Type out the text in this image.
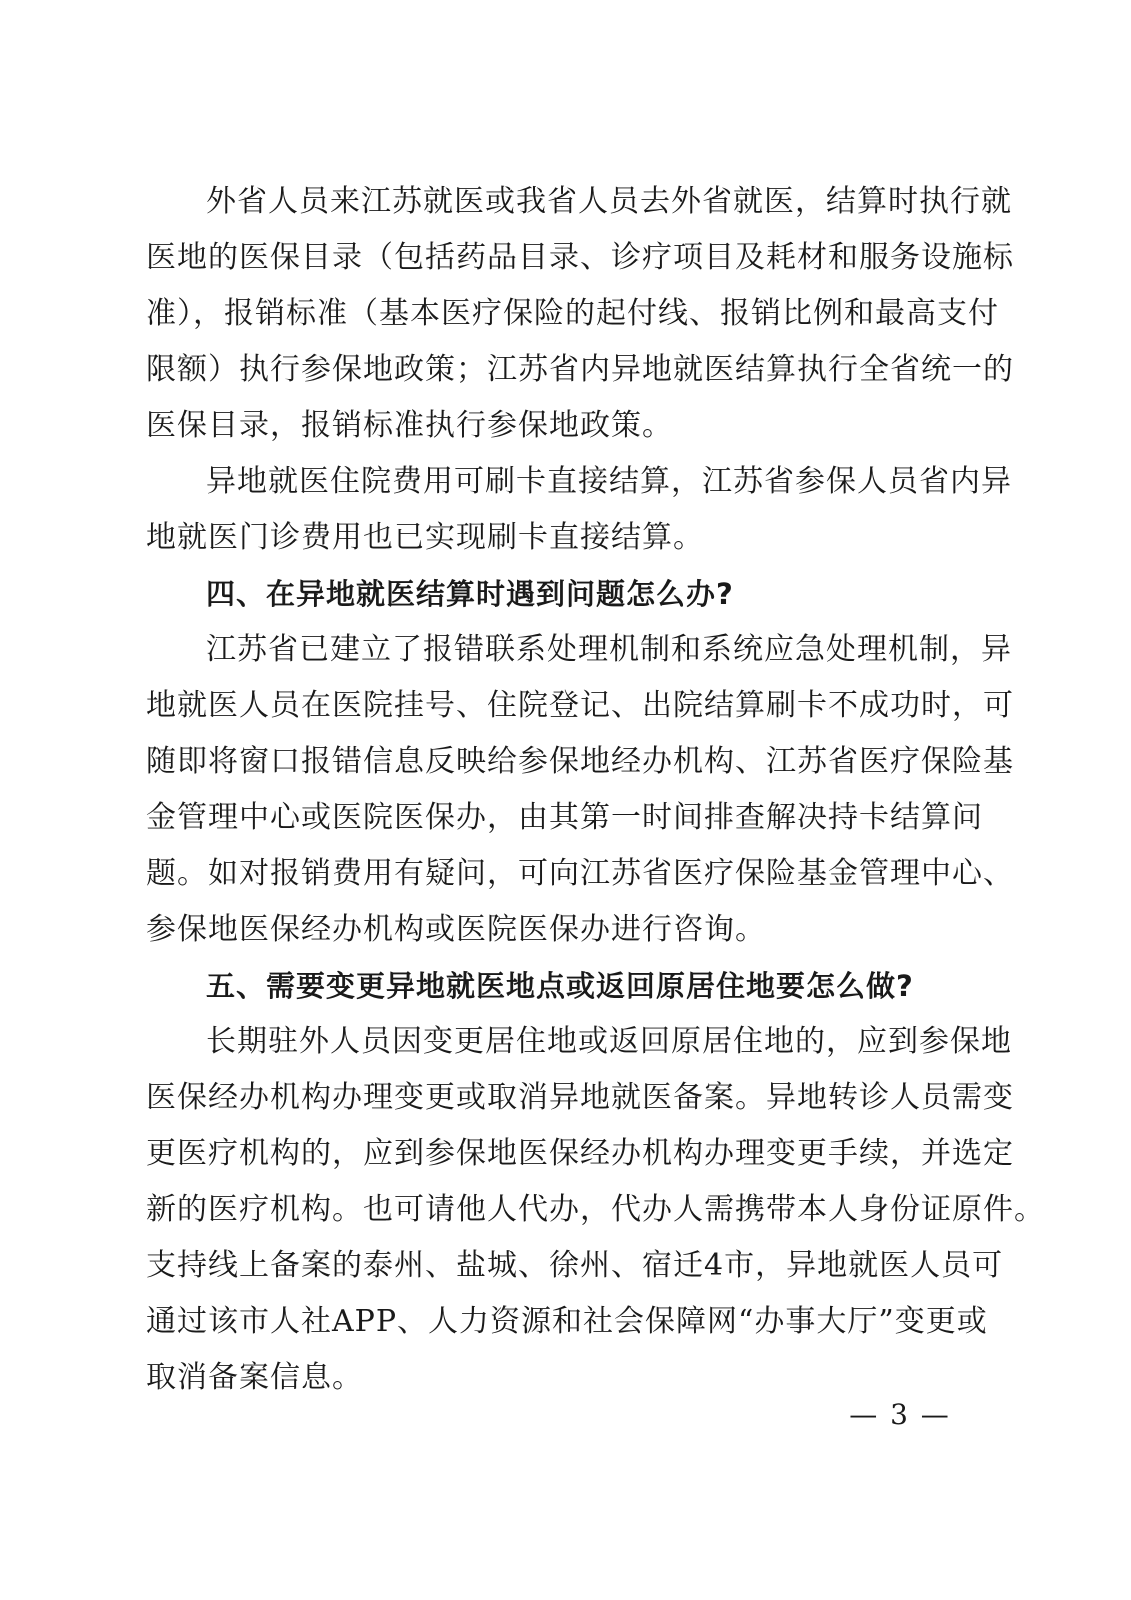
外省人员来江苏就医或我省人员去外省就医，结算时执行就
医地的医保目录（包括药品目录、诊疗项目及耗材和服务设施标
准），报销标准（基本医疗保险的起付线、报销比例和最高支付
限额）执行参保地政策；江苏省内异地就医结算执行全省统一的
医保目录，报销标准执行参保地政策。
异地就医住院费用可刷卡直接结算，江苏省参保人员省内异
地就医门诊费用也已实现刷卡直接结算。
四、在异地就医结算时遇到问题怎么办?
江苏省已建立了报错联系处理机制和系统应急处理机制，异
地就医人员在医院挂号、住院登记、出院结算刷卡不成功时，可
随即将窗口报错信息反映给参保地经办机构、江苏省医疗保险基
金管理中心或医院医保办，由其第一时间排查解决持卡结算问
题。如对报销费用有疑问，可向江苏省医疗保险基金管理中心、
参保地医保经办机构或医院医保办进行咨询。
五、需要变更异地就医地点或返回原居住地要怎么做?
长期驻外人员因变更居住地或返回原居住地的，应到参保地
医保经办机构办理变更或取消异地就医备案。异地转诊人员需变
更医疗机构的，应到参保地医保经办机构办理变更手续，并选定
新的医疗机构。也可请他人代办，代办人需携带本人身份证原件。
支持线上备案的泰州、盐城、徐州、宿迁4市，异地就医人员可
通过该市人社APP、人力资源和社会保障网“办事大厅”变更或
取消备案信息。
— 3 —
